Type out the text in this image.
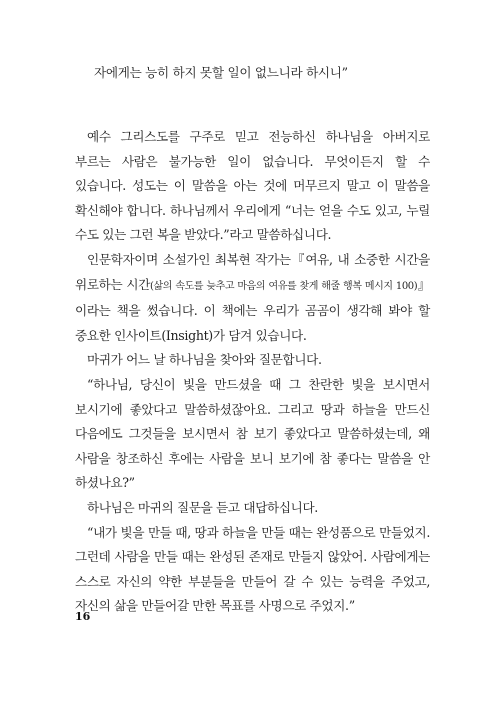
자에게는 능히 하지 못할 일이 없느니라 하시니”

예수 그리스도를 구주로 믿고 전능하신 하나님을 아버지로 부르는 사람은 불가능한 일이 없습니다. 무엇이든지 할 수 있습니다. 성도는 이 말씀을 아는 것에 머무르지 말고 이 말씀을 확신해야 합니다. 하나님께서 우리에게 “너는 얻을 수도 있고, 누릴 수도 있는 그런 복을 받았다.”라고 말씀하십니다.

인문학자이며 소설가인 최복현 작가는『여유, 내 소중한 시간을 위로하는 시간(삶의 속도를 늦추고 마음의 여유를 찾게 해줄 행복 메시지 100)』이라는 책을 썼습니다. 이 책에는 우리가 곰곰이 생각해 봐야 할 중요한 인사이트(Insight)가 담겨 있습니다.

마귀가 어느 날 하나님을 찾아와 질문합니다.

“하나님, 당신이 빛을 만드셨을 때 그 찬란한 빛을 보시면서 보시기에 좋았다고 말씀하셨잖아요. 그리고 땅과 하늘을 만드신 다음에도 그것들을 보시면서 참 보기 좋았다고 말씀하셨는데, 왜 사람을 창조하신 후에는 사람을 보니 보기에 참 좋다는 말씀을 안 하셨나요?”

하나님은 마귀의 질문을 듣고 대답하십니다.

“내가 빛을 만들 때, 땅과 하늘을 만들 때는 완성품으로 만들었지. 그런데 사람을 만들 때는 완성된 존재로 만들지 않았어. 사람에게는 스스로 자신의 약한 부분들을 만들어 갈 수 있는 능력을 주었고, 자신의 삶을 만들어갈 만한 목표를 사명으로 주었지.”

16
